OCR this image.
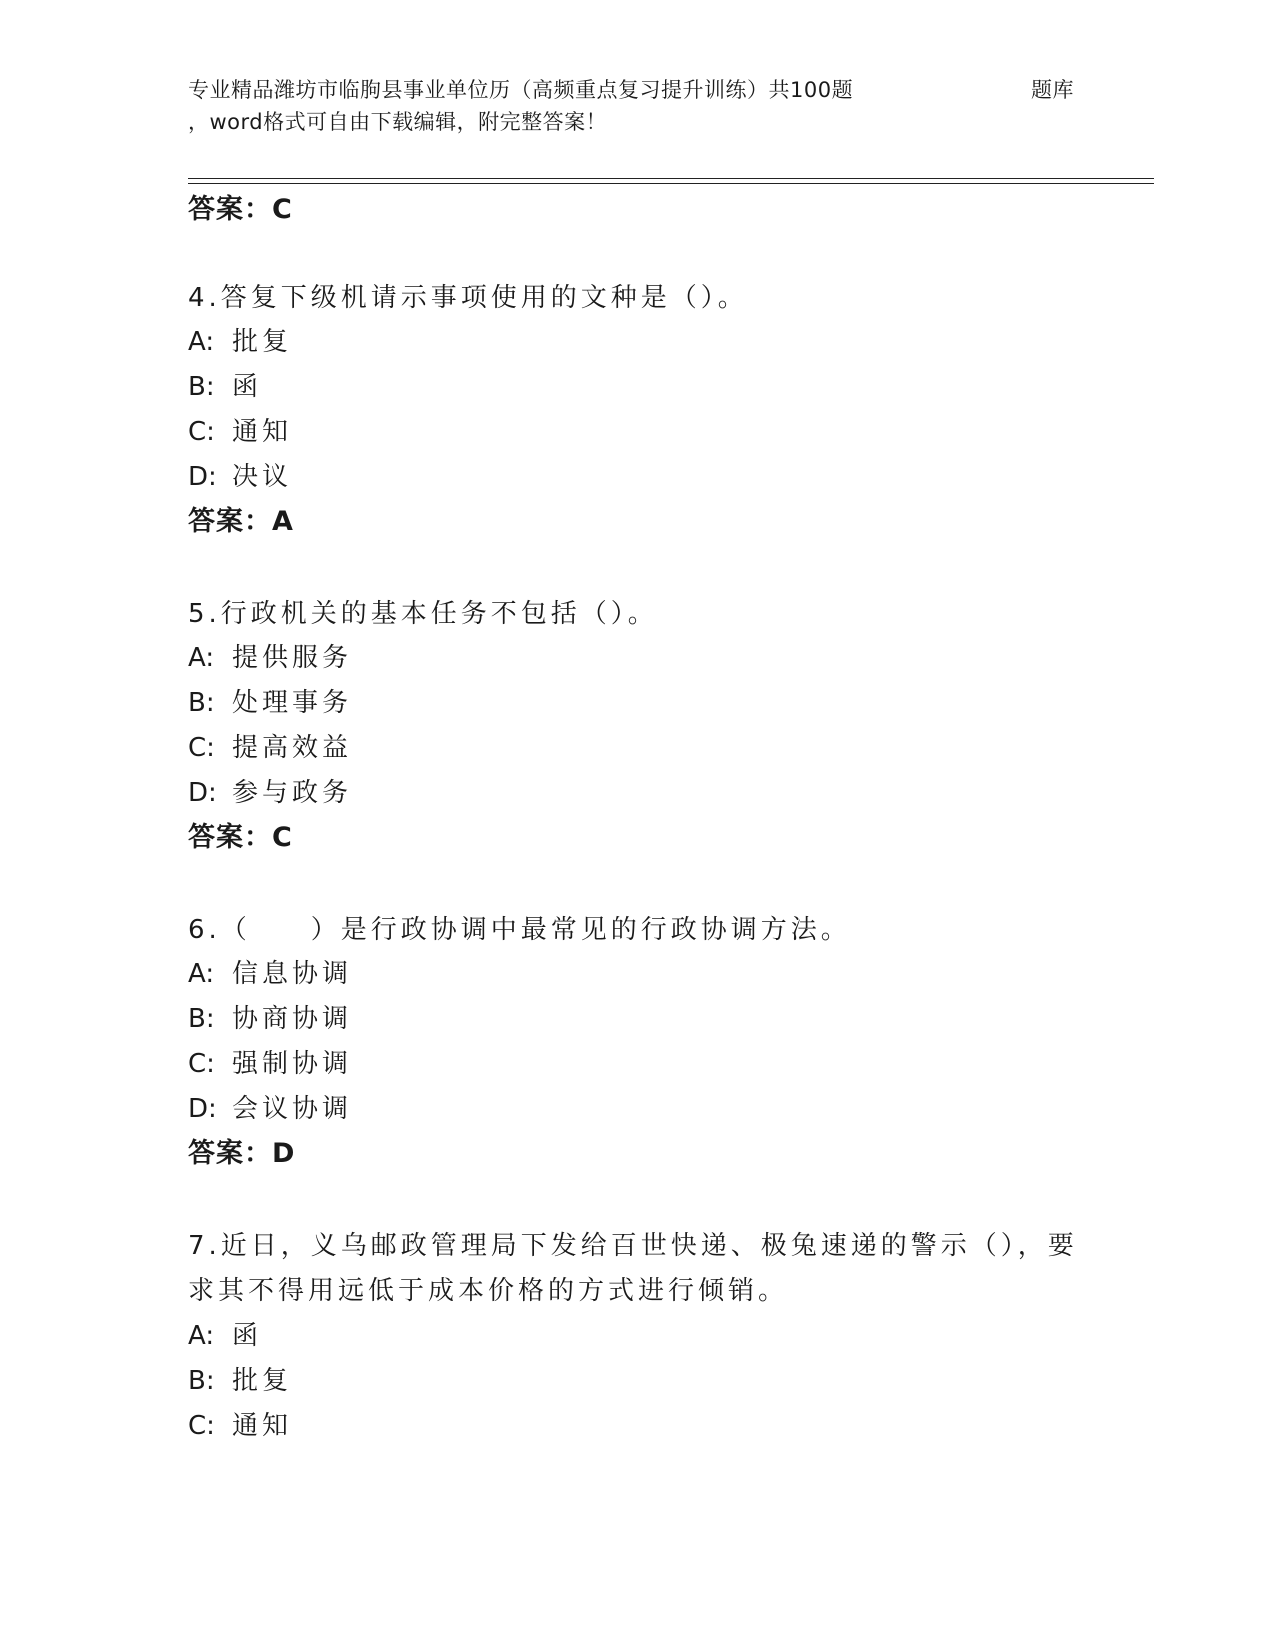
专业精品潍坊市临朐县事业单位历（高频重点复习提升训练）共100题	题库
，word格式可自由下载编辑，附完整答案！
答案：C
4.答复下级机请示事项使用的文种是（）。
A: 批复
B: 函
C: 通知
D: 决议
答案：A
5.行政机关的基本任务不包括（）。
A: 提供服务
B: 处理事务
C: 提高效益
D: 参与政务
答案：C
6.（　　）是行政协调中最常见的行政协调方法。
A: 信息协调
B: 协商协调
C: 强制协调
D: 会议协调
答案：D
7.近日，义乌邮政管理局下发给百世快递、极兔速递的警示（），要
求其不得用远低于成本价格的方式进行倾销。
A: 函
B: 批复
C: 通知
